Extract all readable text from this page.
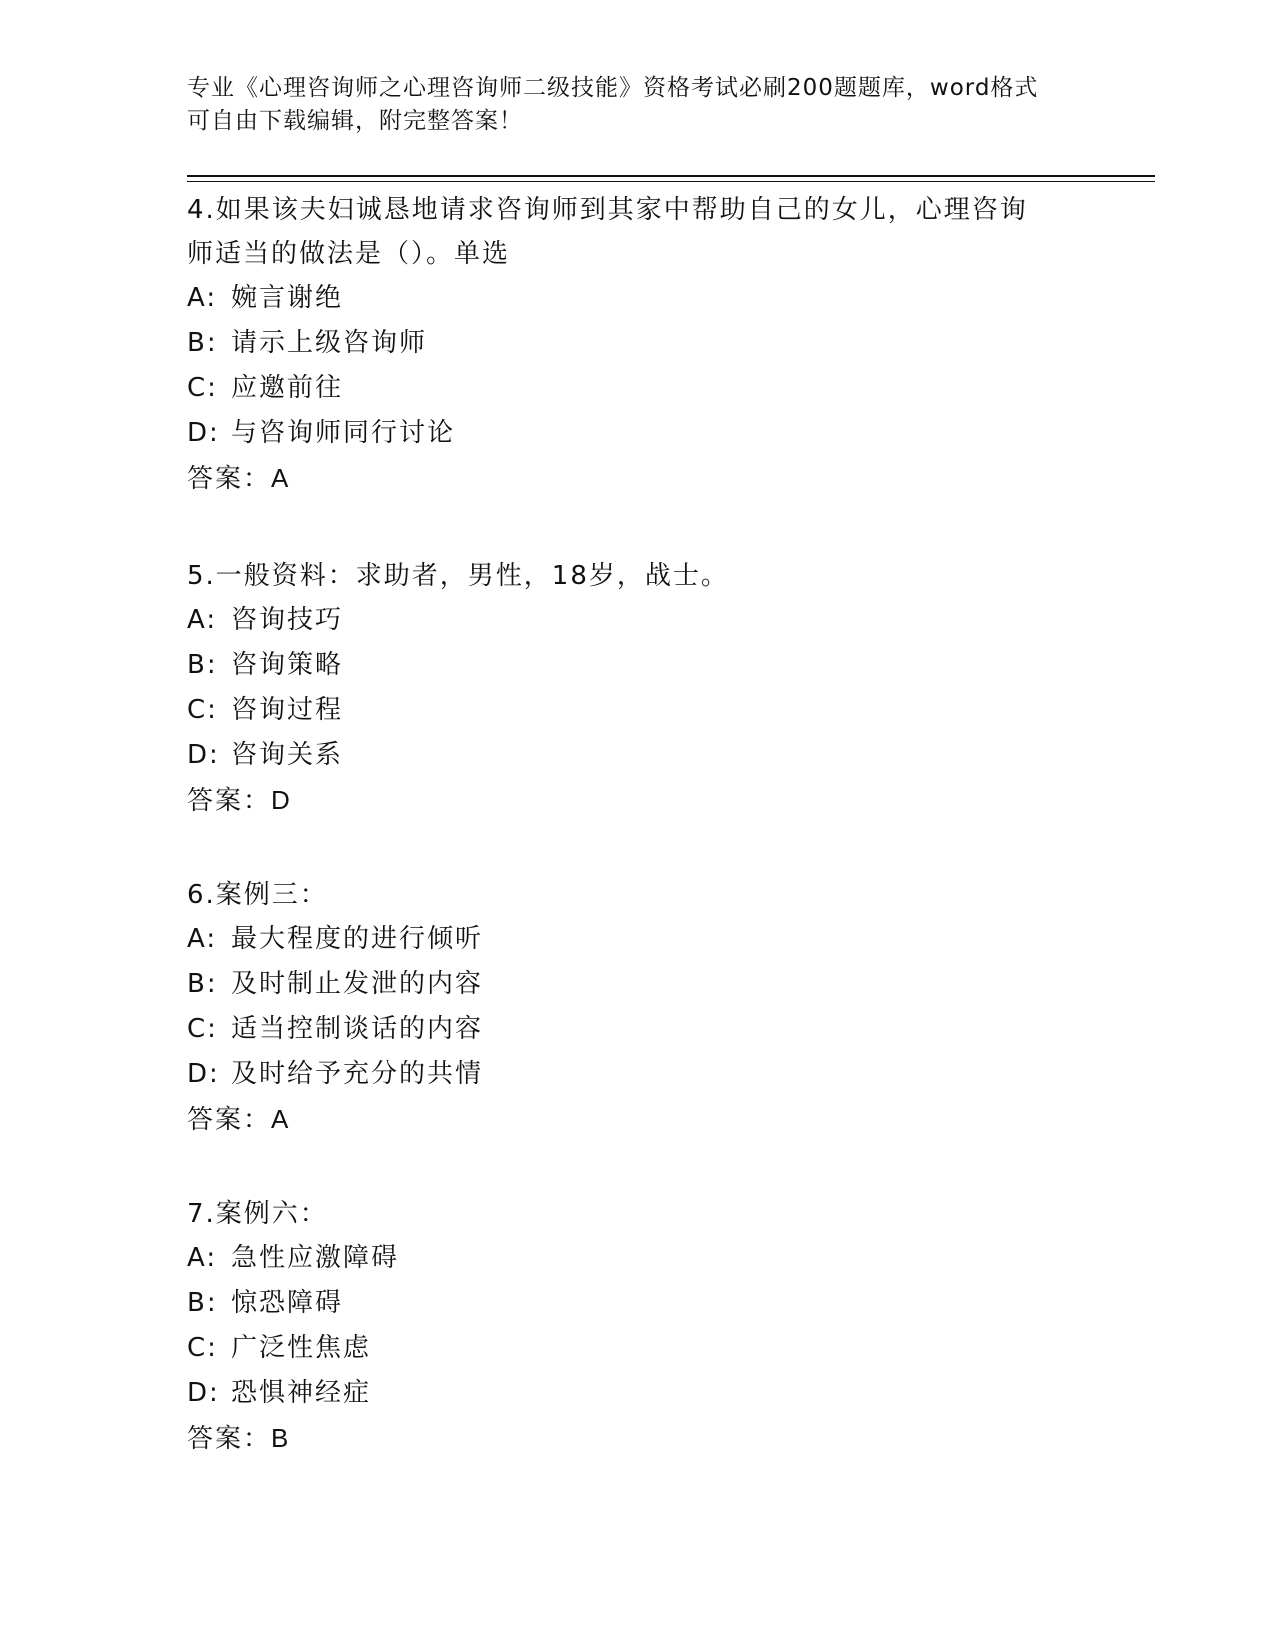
专业《心理咨询师之心理咨询师二级技能》资格考试必刷200题题库，word格式
可自由下载编辑，附完整答案！
4.如果该夫妇诚恳地请求咨询师到其家中帮助自己的女儿，心理咨询
师适当的做法是（）。单选
A: 婉言谢绝
B: 请示上级咨询师
C: 应邀前往
D: 与咨询师同行讨论
答案：A
5.一般资料：求助者，男性，18岁，战士。
A: 咨询技巧
B: 咨询策略
C: 咨询过程
D: 咨询关系
答案：D
6.案例三：
A: 最大程度的进行倾听
B: 及时制止发泄的内容
C: 适当控制谈话的内容
D: 及时给予充分的共情
答案：A
7.案例六：
A: 急性应激障碍
B: 惊恐障碍
C: 广泛性焦虑
D: 恐惧神经症
答案：B
